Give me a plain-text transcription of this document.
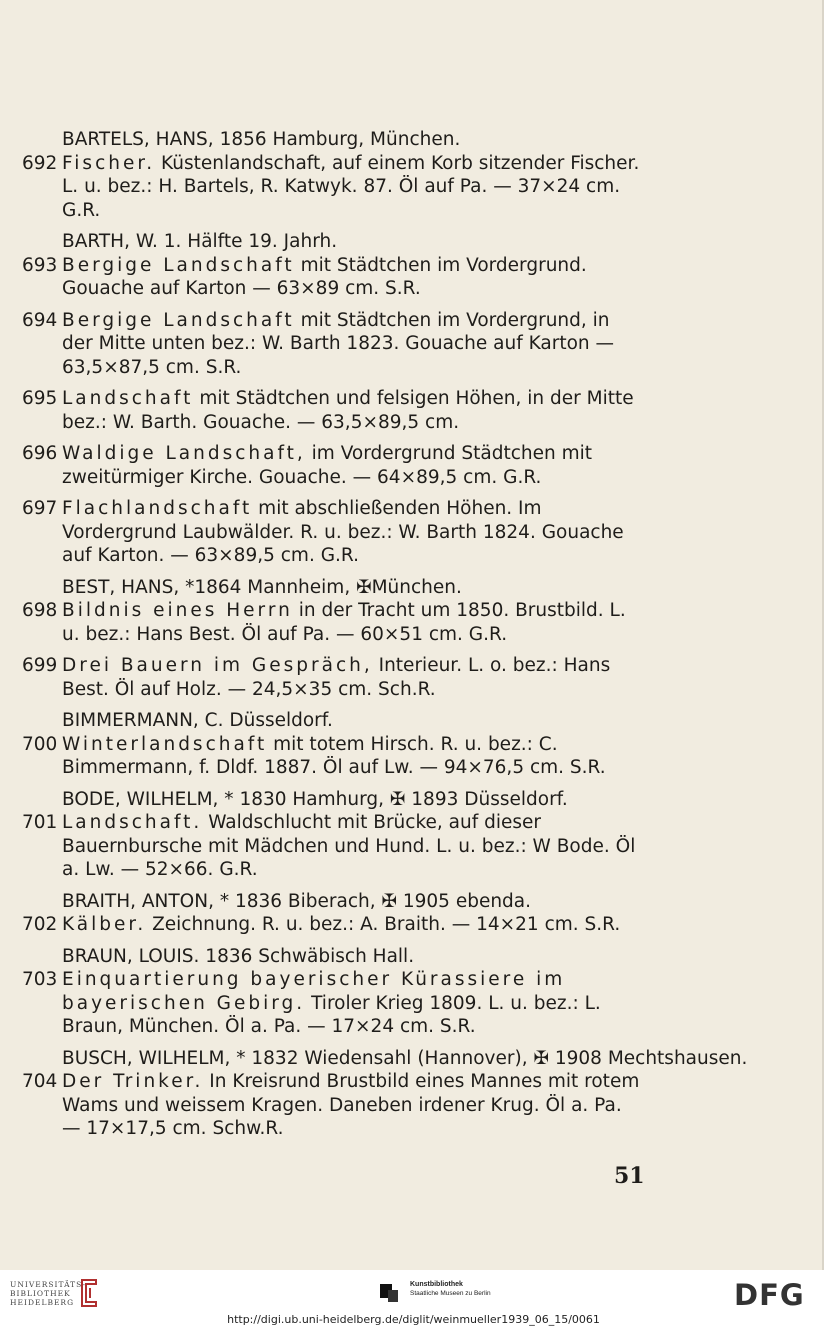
BARTELS, HANS, 1856 Hamburg, München.
692 Fischer. Küstenlandschaft, auf einem Korb sitzender Fischer. L. u. bez.: H. Bartels, R. Katwyk. 87. Öl auf Pa. — 37×24 cm. G.R.
BARTH, W. 1. Hälfte 19. Jahrh.
693 Bergige Landschaft mit Städtchen im Vordergrund. Gouache auf Karton — 63×89 cm. S.R.
694 Bergige Landschaft mit Städtchen im Vordergrund, in der Mitte unten bez.: W. Barth 1823. Gouache auf Karton — 63,5×87,5 cm. S.R.
695 Landschaft mit Städtchen und felsigen Höhen, in der Mitte bez.: W. Barth. Gouache. — 63,5×89,5 cm.
696 Waldige Landschaft, im Vordergrund Städtchen mit zweitürmiger Kirche. Gouache. — 64×89,5 cm. G.R.
697 Flachlandschaft mit abschließenden Höhen. Im Vordergrund Laubwälder. R. u. bez.: W. Barth 1824. Gouache auf Karton. — 63×89,5 cm. G.R.
BEST, HANS, *1864 Mannheim, ✠München.
698 Bildnis eines Herrn in der Tracht um 1850. Brustbild. L. u. bez.: Hans Best. Öl auf Pa. — 60×51 cm. G.R.
699 Drei Bauern im Gespräch, Interieur. L. o. bez.: Hans Best. Öl auf Holz. — 24,5×35 cm. Sch.R.
BIMMERMANN, C. Düsseldorf.
700 Winterlandschaft mit totem Hirsch. R. u. bez.: C. Bimmermann, f. Dldf. 1887. Öl auf Lw. — 94×76,5 cm. S.R.
BODE, WILHELM, * 1830 Hamhurg, ✠ 1893 Düsseldorf.
701 Landschaft. Waldschlucht mit Brücke, auf dieser Bauernbursche mit Mädchen und Hund. L. u. bez.: W Bode. Öl a. Lw. — 52×66. G.R.
BRAITH, ANTON, * 1836 Biberach, ✠ 1905 ebenda.
702 Kälber. Zeichnung. R. u. bez.: A. Braith. — 14×21 cm. S.R.
BRAUN, LOUIS. 1836 Schwäbisch Hall.
703 Einquartierung bayerischer Kürassiere im bayerischen Gebirg. Tiroler Krieg 1809. L. u. bez.: L. Braun, München. Öl a. Pa. — 17×24 cm. S.R.
BUSCH, WILHELM, * 1832 Wiedensahl (Hannover), ✠ 1908 Mechtshausen.
704 Der Trinker. In Kreisrund Brustbild eines Mannes mit rotem Wams und weissem Kragen. Daneben irdener Krug. Öl a. Pa. — 17×17,5 cm. Schw.R.
51
UNIVERSITÄTS-
BIBLIOTHEK
HEIDELBERG
Kunstbibliothek
Staatliche Museen zu Berlin	DFG
http://digi.ub.uni-heidelberg.de/diglit/weinmueller1939_06_15/0061
